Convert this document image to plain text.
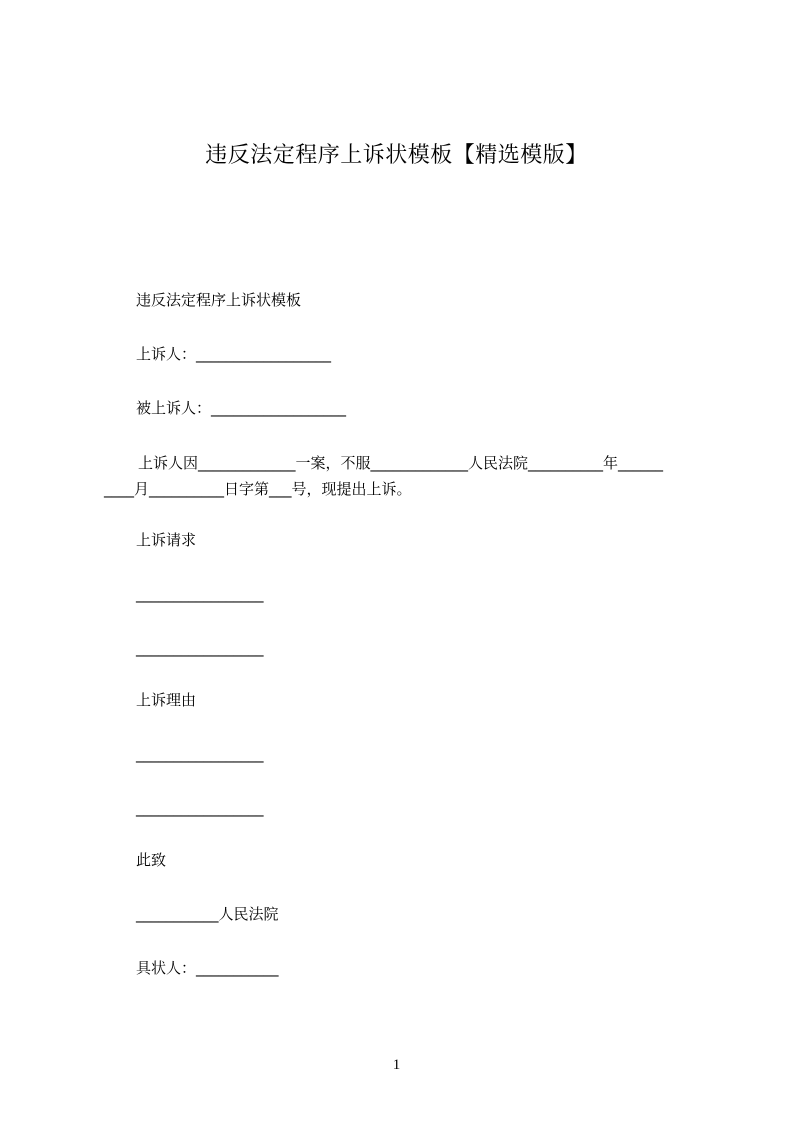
违反法定程序上诉状模板【精选模版】
违反法定程序上诉状模板
上诉人：__________________
被上诉人：__________________
上诉人因_____________一案，不服_____________人民法院__________年______
____月__________日字第___号，现提出上诉。
上诉请求
_________________
_________________
上诉理由
_________________
_________________
此致
___________人民法院
具状人：___________
1
